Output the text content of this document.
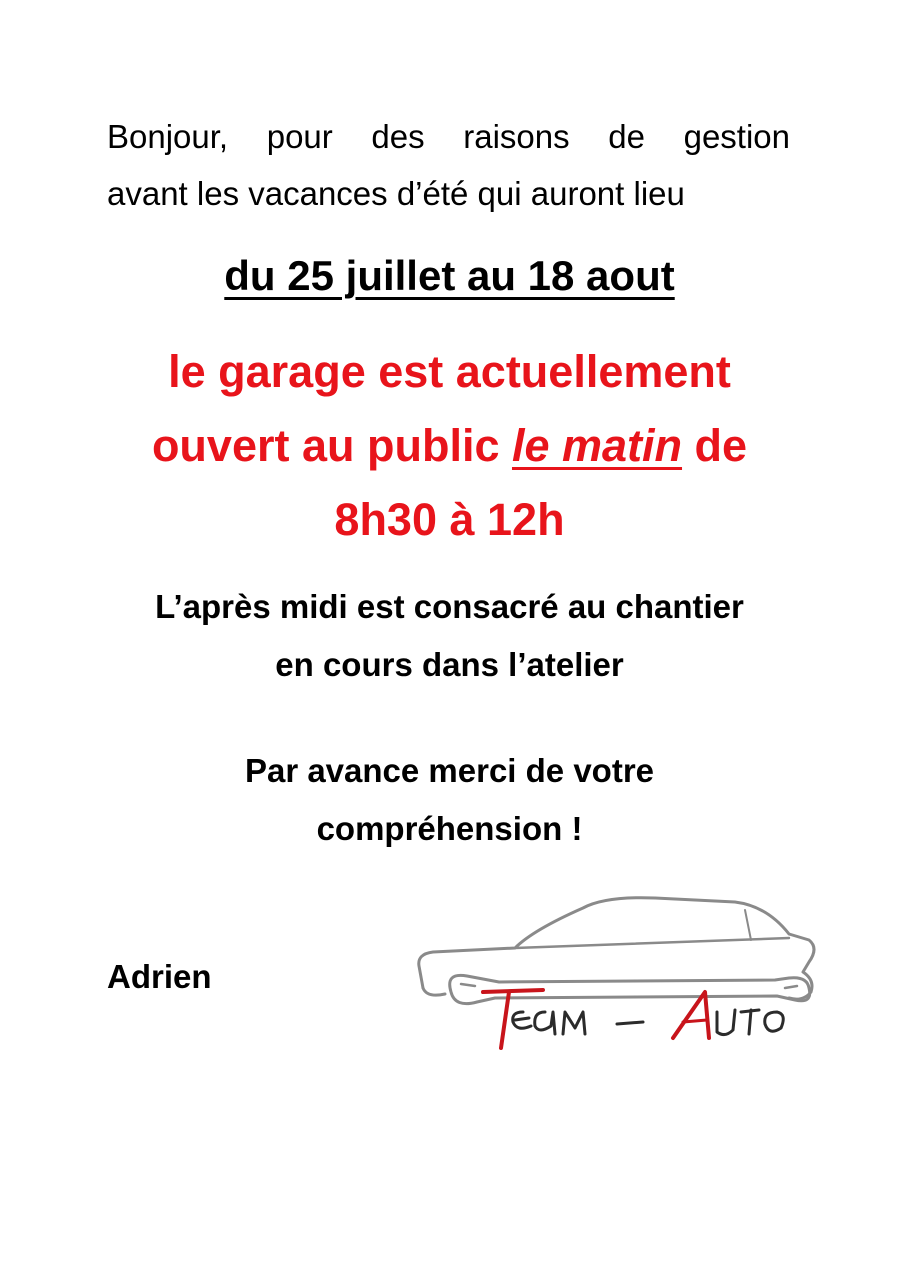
Bonjour, pour des raisons de gestion
avant les vacances d’été qui auront lieu
du 25 juillet au 18 aout
le garage est actuellement
ouvert au public le matin de
8h30 à 12h
L’après midi est consacré au chantier
en cours dans l’atelier
Par avance merci de votre
compréhension !
Adrien
